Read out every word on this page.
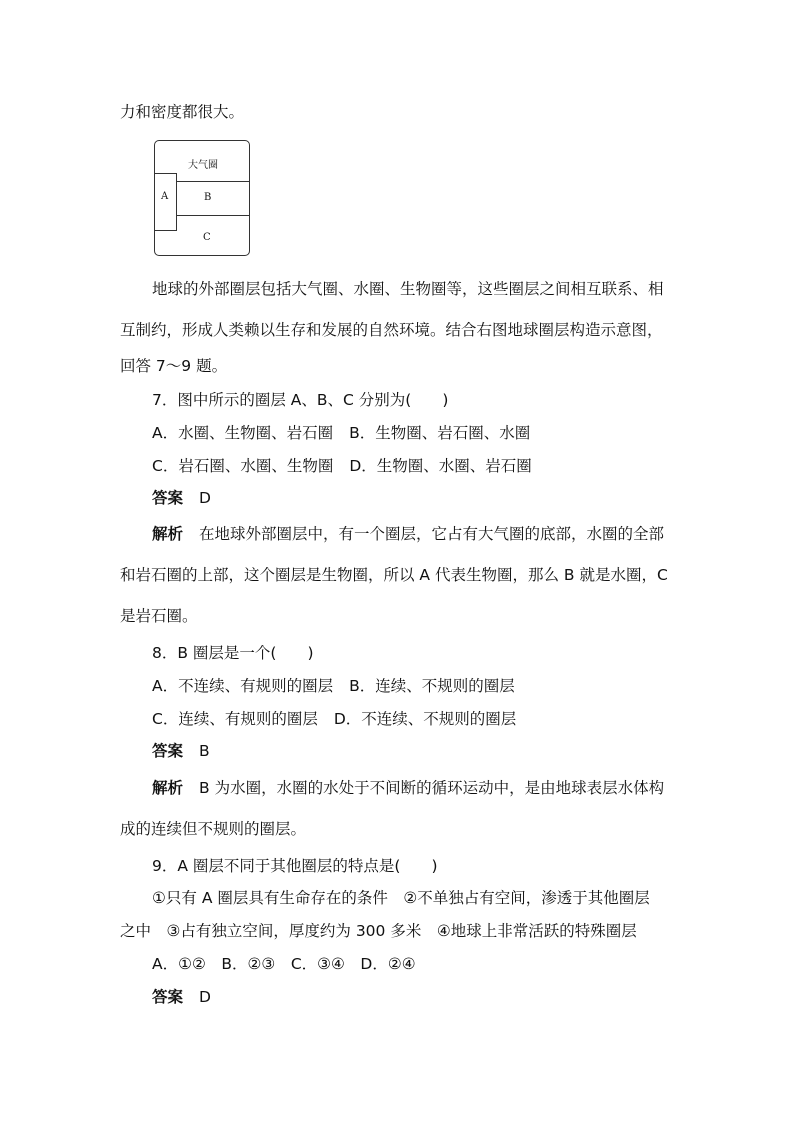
力和密度都很大。
大气圈
A	B
C
地球的外部圈层包括大气圈、水圈、生物圈等，这些圈层之间相互联系、相
互制约，形成人类赖以生存和发展的自然环境。结合右图地球圈层构造示意图，
回答 7～9 题。
7．图中所示的圈层 A、B、C 分别为(　　)
A．水圈、生物圈、岩石圈 B．生物圈、岩石圈、水圈
C．岩石圈、水圈、生物圈 D．生物圈、水圈、岩石圈
答案 D
解析 在地球外部圈层中，有一个圈层，它占有大气圈的底部，水圈的全部
和岩石圈的上部，这个圈层是生物圈，所以 A 代表生物圈，那么 B 就是水圈，C
是岩石圈。
8．B 圈层是一个(　　)
A．不连续、有规则的圈层 B．连续、不规则的圈层
C．连续、有规则的圈层 D．不连续、不规则的圈层
答案 B
解析 B 为水圈，水圈的水处于不间断的循环运动中，是由地球表层水体构
成的连续但不规则的圈层。
9．A 圈层不同于其他圈层的特点是(　　)
①只有 A 圈层具有生命存在的条件　②不单独占有空间，渗透于其他圈层
之中　③占有独立空间，厚度约为 300 多米　④地球上非常活跃的特殊圈层
A．①②　B．②③　C．③④　D．②④
答案 D
